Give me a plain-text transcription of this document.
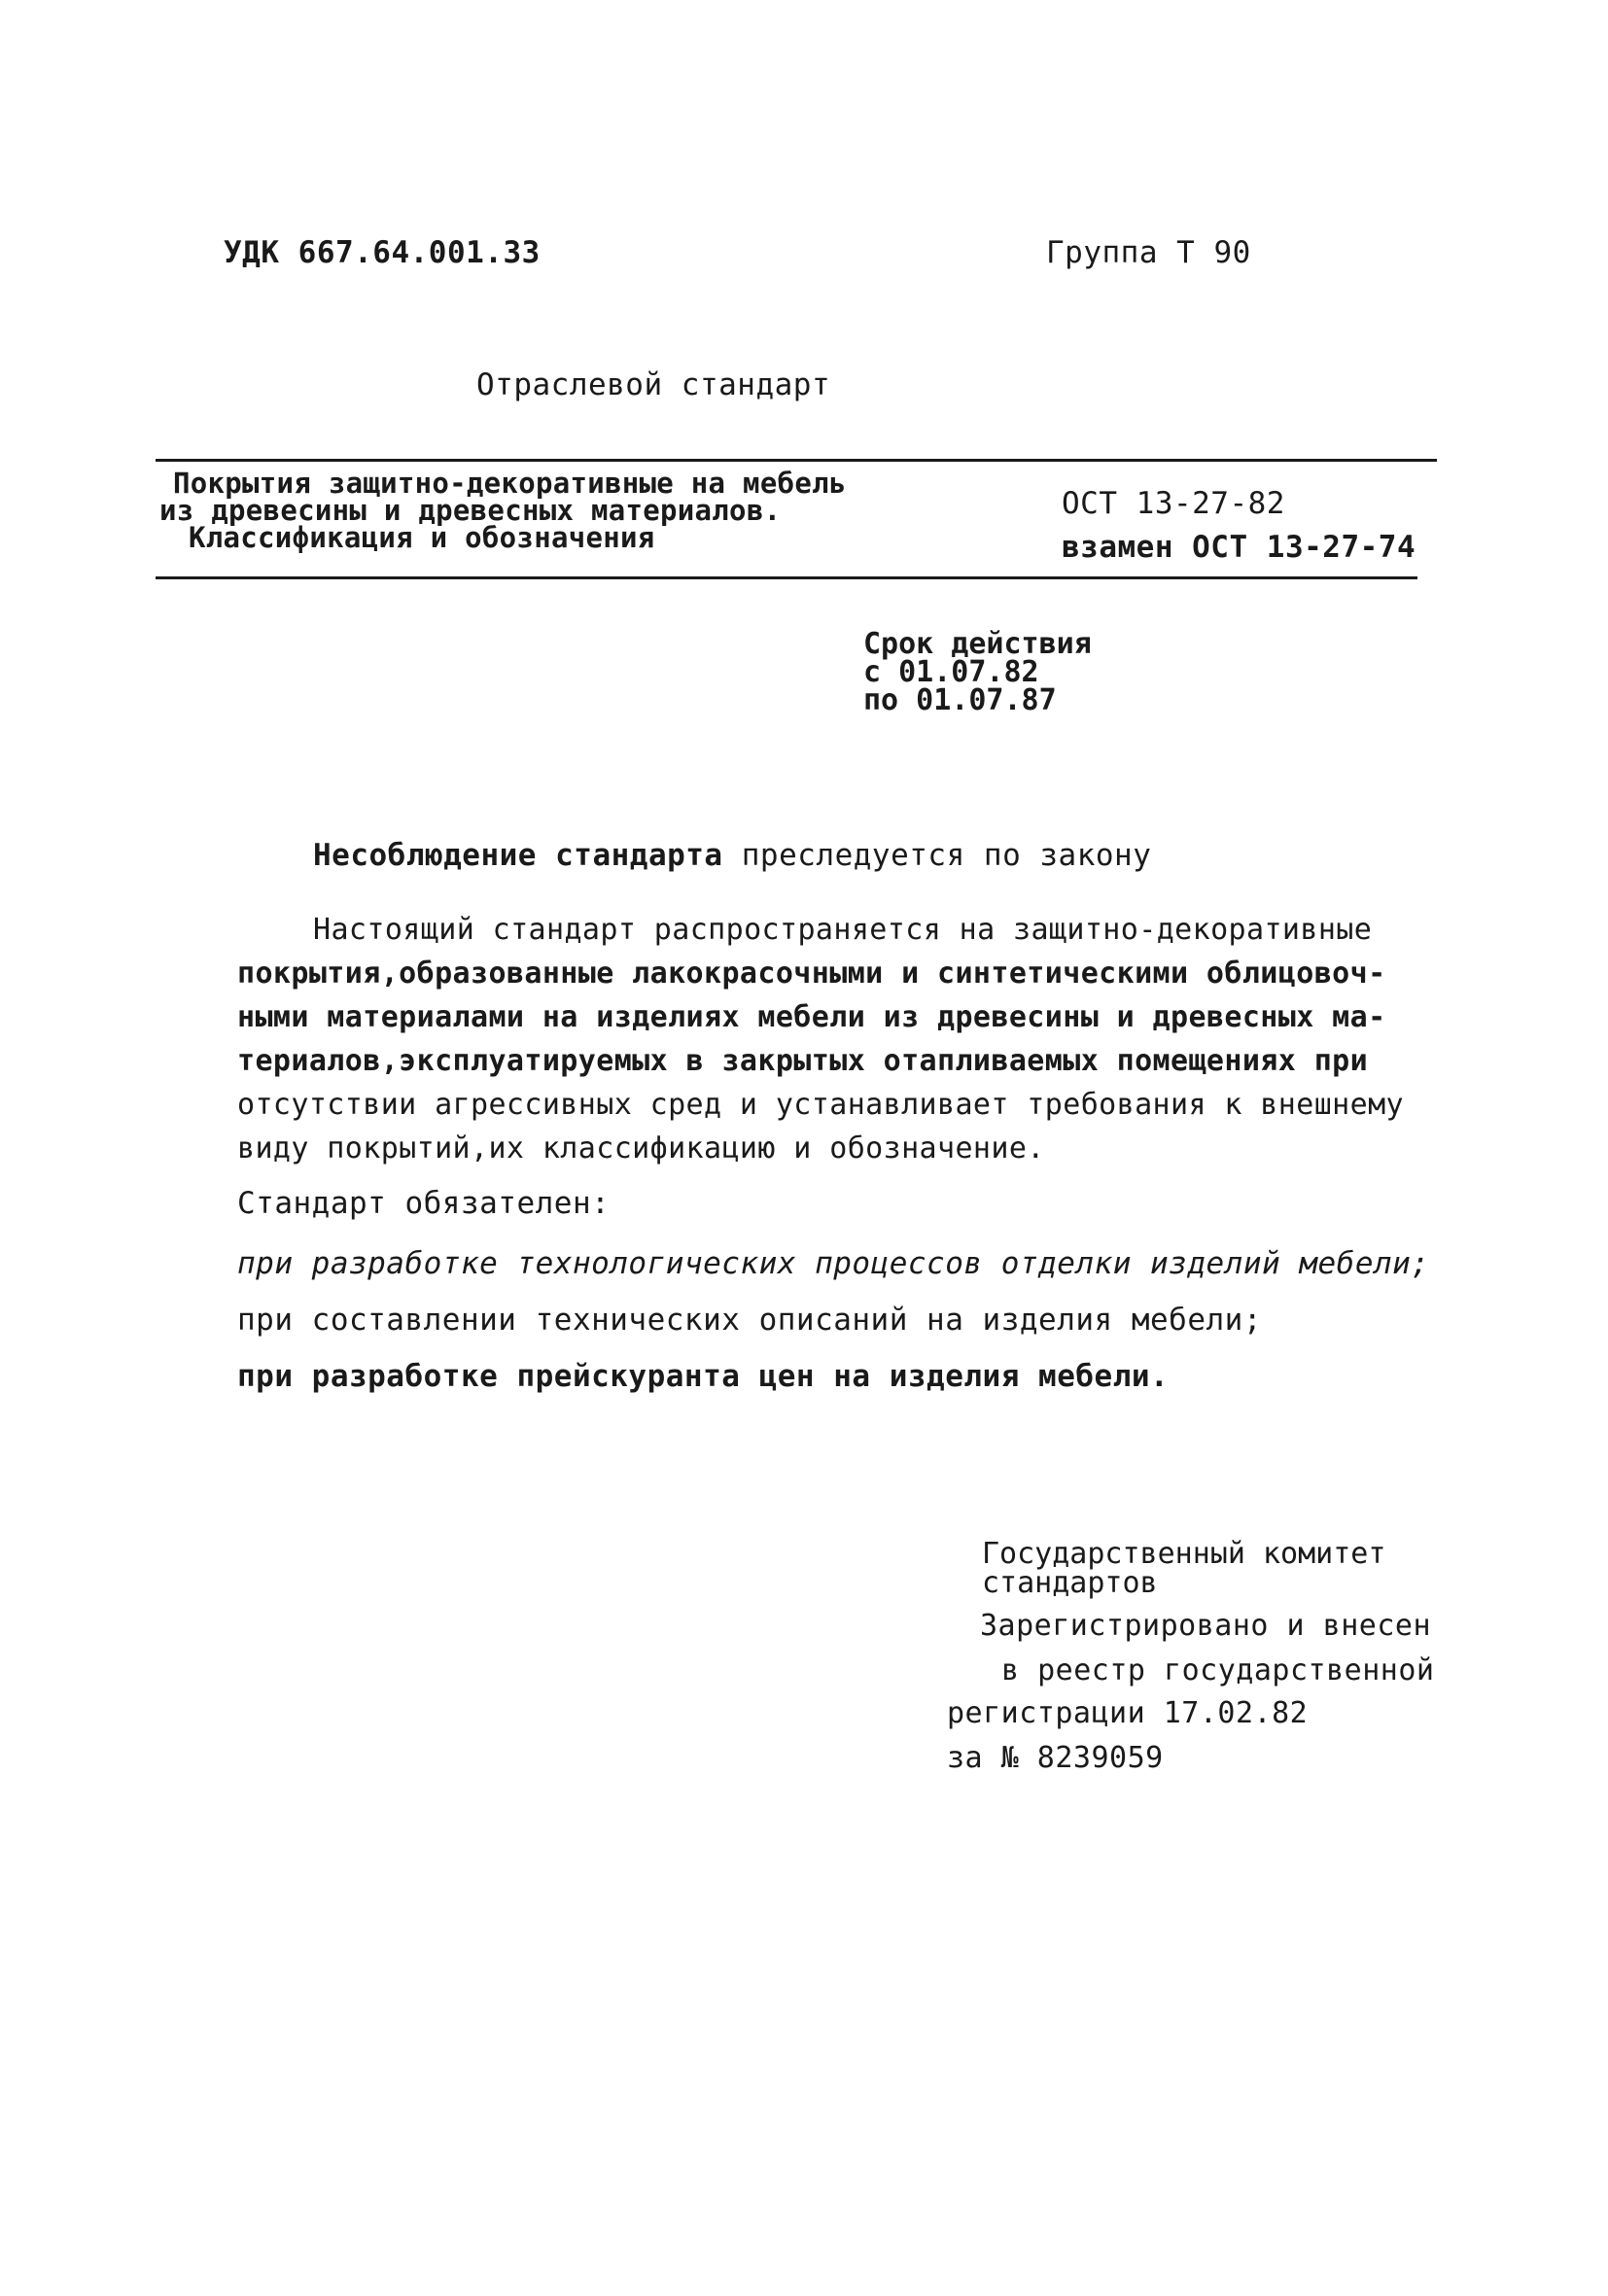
УДК 667.64.001.33	Группа Т 90
Отраслевой стандарт
Покрытия защитно-декоративные на мебель
из древесины и древесных материалов.
Классификация и обозначения
ОСТ 13-27-82
взамен ОСТ 13-27-74
Срок действия
с 01.07.82
по 01.07.87
Несоблюдение стандарта преследуется по закону
Настоящий стандарт распространяется на защитно-декоративные
покрытия,образованные лакокрасочными и синтетическими облицовоч-
ными материалами на изделиях мебели из древесины и древесных ма-
териалов,эксплуатируемых в закрытых отапливаемых помещениях при
отсутствии агрессивных сред и устанавливает требования к внешнему
виду покрытий,их классификацию и обозначение.
Стандарт обязателен:
при разработке технологических процессов отделки изделий мебели;
при составлении технических описаний на изделия мебели;
при разработке прейскуранта цен на изделия мебели.
Государственный комитет
стандартов
Зарегистрировано и внесен
в реестр государственной
регистрации 17.02.82
за № 8239059
